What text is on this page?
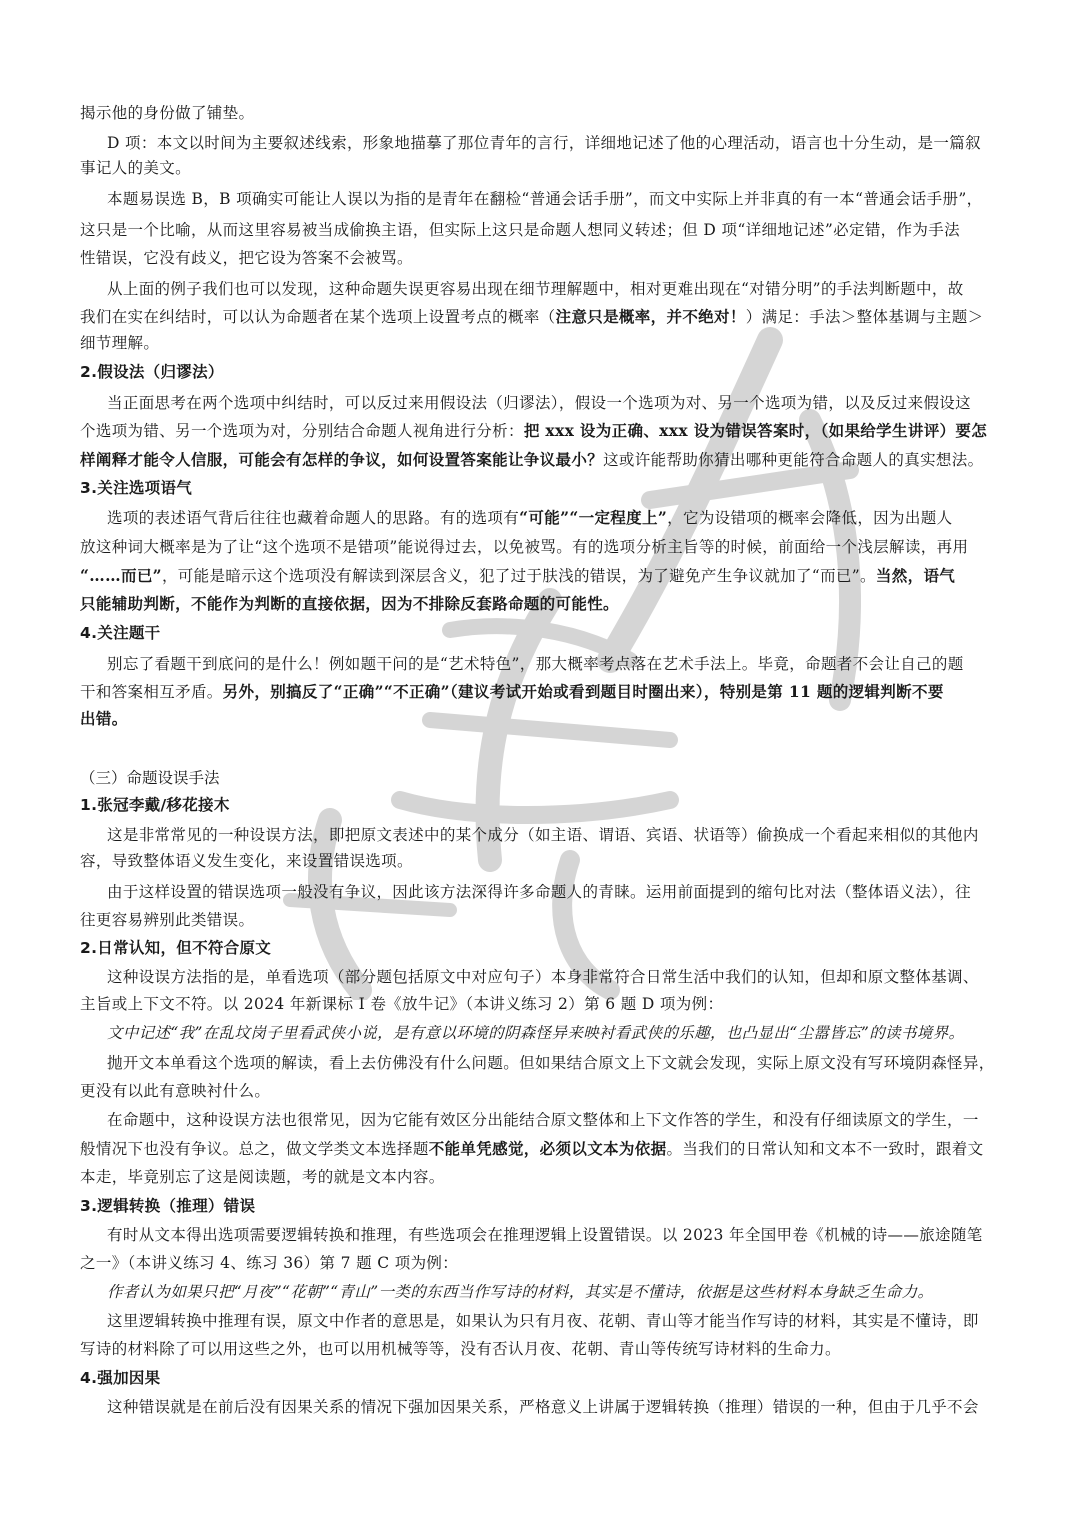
揭示他的身份做了铺垫。
D 项：本文以时间为主要叙述线索，形象地描摹了那位青年的言行，详细地记述了他的心理活动，语言也十分生动，是一篇叙
事记人的美文。
本题易误选 B，B 项确实可能让人误以为指的是青年在翻检“普通会话手册”，而文中实际上并非真的有一本“普通会话手册”，
这只是一个比喻，从而这里容易被当成偷换主语，但实际上这只是命题人想同义转述；但 D 项“详细地记述”必定错，作为手法
性错误，它没有歧义，把它设为答案不会被骂。
从上面的例子我们也可以发现，这种命题失误更容易出现在细节理解题中，相对更难出现在“对错分明”的手法判断题中，故
我们在实在纠结时，可以认为命题者在某个选项上设置考点的概率（注意只是概率，并不绝对！）满足：手法＞整体基调与主题＞
细节理解。
2.假设法（归谬法）
当正面思考在两个选项中纠结时，可以反过来用假设法（归谬法），假设一个选项为对、另一个选项为错，以及反过来假设这
个选项为错、另一个选项为对，分别结合命题人视角进行分析：把 xxx 设为正确、xxx 设为错误答案时，（如果给学生讲评）要怎
样阐释才能令人信服，可能会有怎样的争议，如何设置答案能让争议最小？这或许能帮助你猜出哪种更能符合命题人的真实想法。
3.关注选项语气
选项的表述语气背后往往也藏着命题人的思路。有的选项有“可能”“一定程度上”，它为设错项的概率会降低，因为出题人
放这种词大概率是为了让“这个选项不是错项”能说得过去，以免被骂。有的选项分析主旨等的时候，前面给一个浅层解读，再用
“……而已”，可能是暗示这个选项没有解读到深层含义，犯了过于肤浅的错误，为了避免产生争议就加了“而已”。当然，语气
只能辅助判断，不能作为判断的直接依据，因为不排除反套路命题的可能性。
4.关注题干
别忘了看题干到底问的是什么！例如题干问的是“艺术特色”，那大概率考点落在艺术手法上。毕竟，命题者不会让自己的题
干和答案相互矛盾。另外，别搞反了“正确”“不正确”（建议考试开始或看到题目时圈出来），特别是第 11 题的逻辑判断不要
出错。
（三）命题设误手法
1.张冠李戴/移花接木
这是非常常见的一种设误方法，即把原文表述中的某个成分（如主语、谓语、宾语、状语等）偷换成一个看起来相似的其他内
容，导致整体语义发生变化，来设置错误选项。
由于这样设置的错误选项一般没有争议，因此该方法深得许多命题人的青睐。运用前面提到的缩句比对法（整体语义法），往
往更容易辨别此类错误。
2.日常认知，但不符合原文
这种设误方法指的是，单看选项（部分题包括原文中对应句子）本身非常符合日常生活中我们的认知，但却和原文整体基调、
主旨或上下文不符。以 2024 年新课标 I 卷《放牛记》（本讲义练习 2）第 6 题 D 项为例：
文中记述“我”在乱坟岗子里看武侠小说，是有意以环境的阴森怪异来映衬看武侠的乐趣，也凸显出“尘嚣皆忘”的读书境界。
抛开文本单看这个选项的解读，看上去仿佛没有什么问题。但如果结合原文上下文就会发现，实际上原文没有写环境阴森怪异，
更没有以此有意映衬什么。
在命题中，这种设误方法也很常见，因为它能有效区分出能结合原文整体和上下文作答的学生，和没有仔细读原文的学生，一
般情况下也没有争议。总之，做文学类文本选择题不能单凭感觉，必须以文本为依据。当我们的日常认知和文本不一致时，跟着文
本走，毕竟别忘了这是阅读题，考的就是文本内容。
3.逻辑转换（推理）错误
有时从文本得出选项需要逻辑转换和推理，有些选项会在推理逻辑上设置错误。以 2023 年全国甲卷《机械的诗——旅途随笔
之一》（本讲义练习 4、练习 36）第 7 题 C 项为例：
作者认为如果只把“月夜”“花朝”“青山”一类的东西当作写诗的材料，其实是不懂诗，依据是这些材料本身缺乏生命力。
这里逻辑转换中推理有误，原文中作者的意思是，如果认为只有月夜、花朝、青山等才能当作写诗的材料，其实是不懂诗，即
写诗的材料除了可以用这些之外，也可以用机械等等，没有否认月夜、花朝、青山等传统写诗材料的生命力。
4.强加因果
这种错误就是在前后没有因果关系的情况下强加因果关系，严格意义上讲属于逻辑转换（推理）错误的一种，但由于几乎不会
